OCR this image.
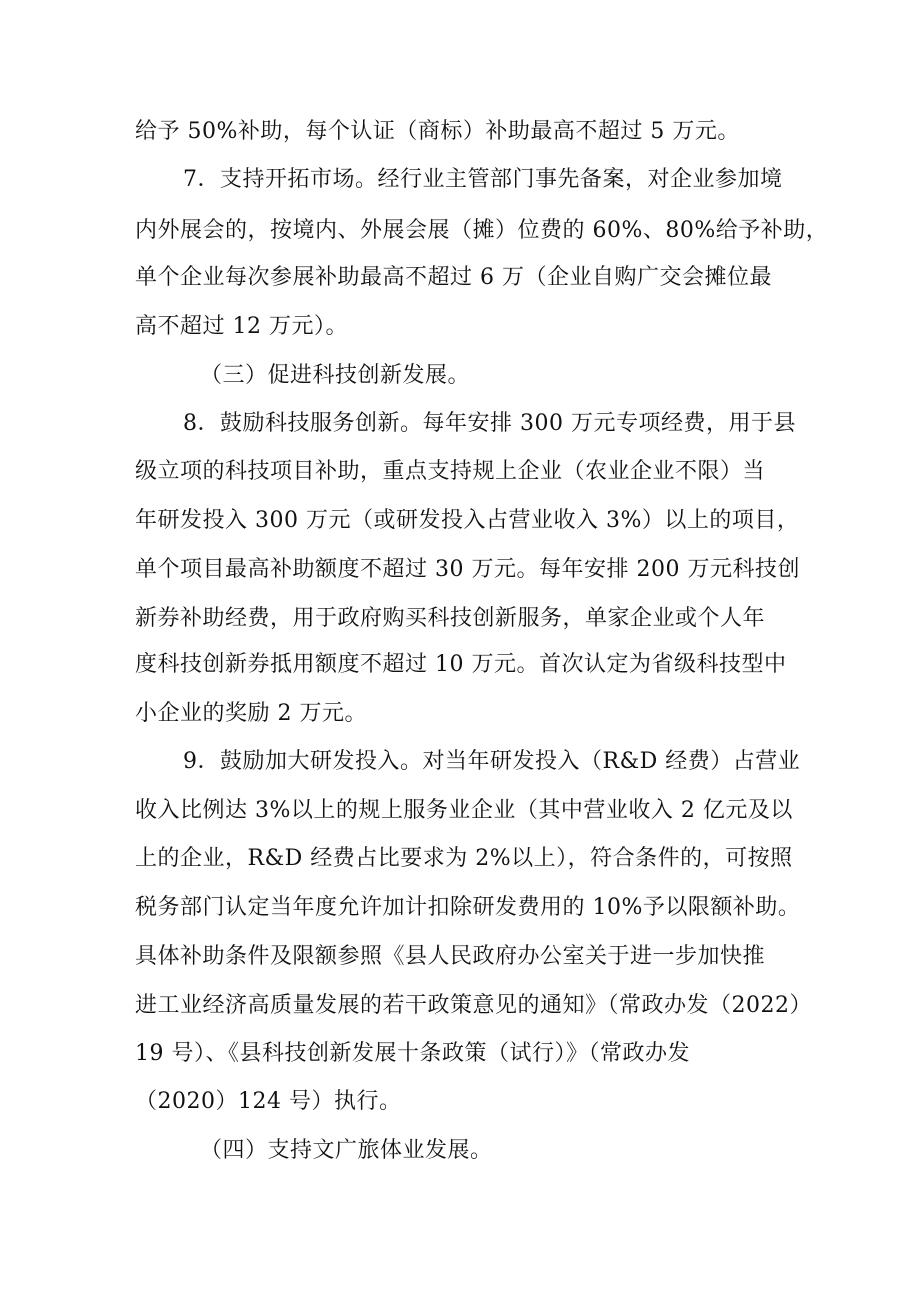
给予 50%补助，每个认证（商标）补助最高不超过 5 万元。
7．支持开拓市场。经行业主管部门事先备案，对企业参加境
内外展会的，按境内、外展会展（摊）位费的 60%、80%给予补助，
单个企业每次参展补助最高不超过 6 万（企业自购广交会摊位最
高不超过 12 万元）。
（三）促进科技创新发展。
8．鼓励科技服务创新。每年安排 300 万元专项经费，用于县
级立项的科技项目补助，重点支持规上企业（农业企业不限）当
年研发投入 300 万元（或研发投入占营业收入 3%）以上的项目，
单个项目最高补助额度不超过 30 万元。每年安排 200 万元科技创
新券补助经费，用于政府购买科技创新服务，单家企业或个人年
度科技创新券抵用额度不超过 10 万元。首次认定为省级科技型中
小企业的奖励 2 万元。
9．鼓励加大研发投入。对当年研发投入（R&D 经费）占营业
收入比例达 3%以上的规上服务业企业（其中营业收入 2 亿元及以
上的企业，R&D 经费占比要求为 2%以上），符合条件的，可按照
税务部门认定当年度允许加计扣除研发费用的 10%予以限额补助。
具体补助条件及限额参照《县人民政府办公室关于进一步加快推
进工业经济高质量发展的若干政策意见的通知》（常政办发（2022）
19 号）、《县科技创新发展十条政策（试行）》（常政办发
（2020）124 号）执行。
（四）支持文广旅体业发展。
